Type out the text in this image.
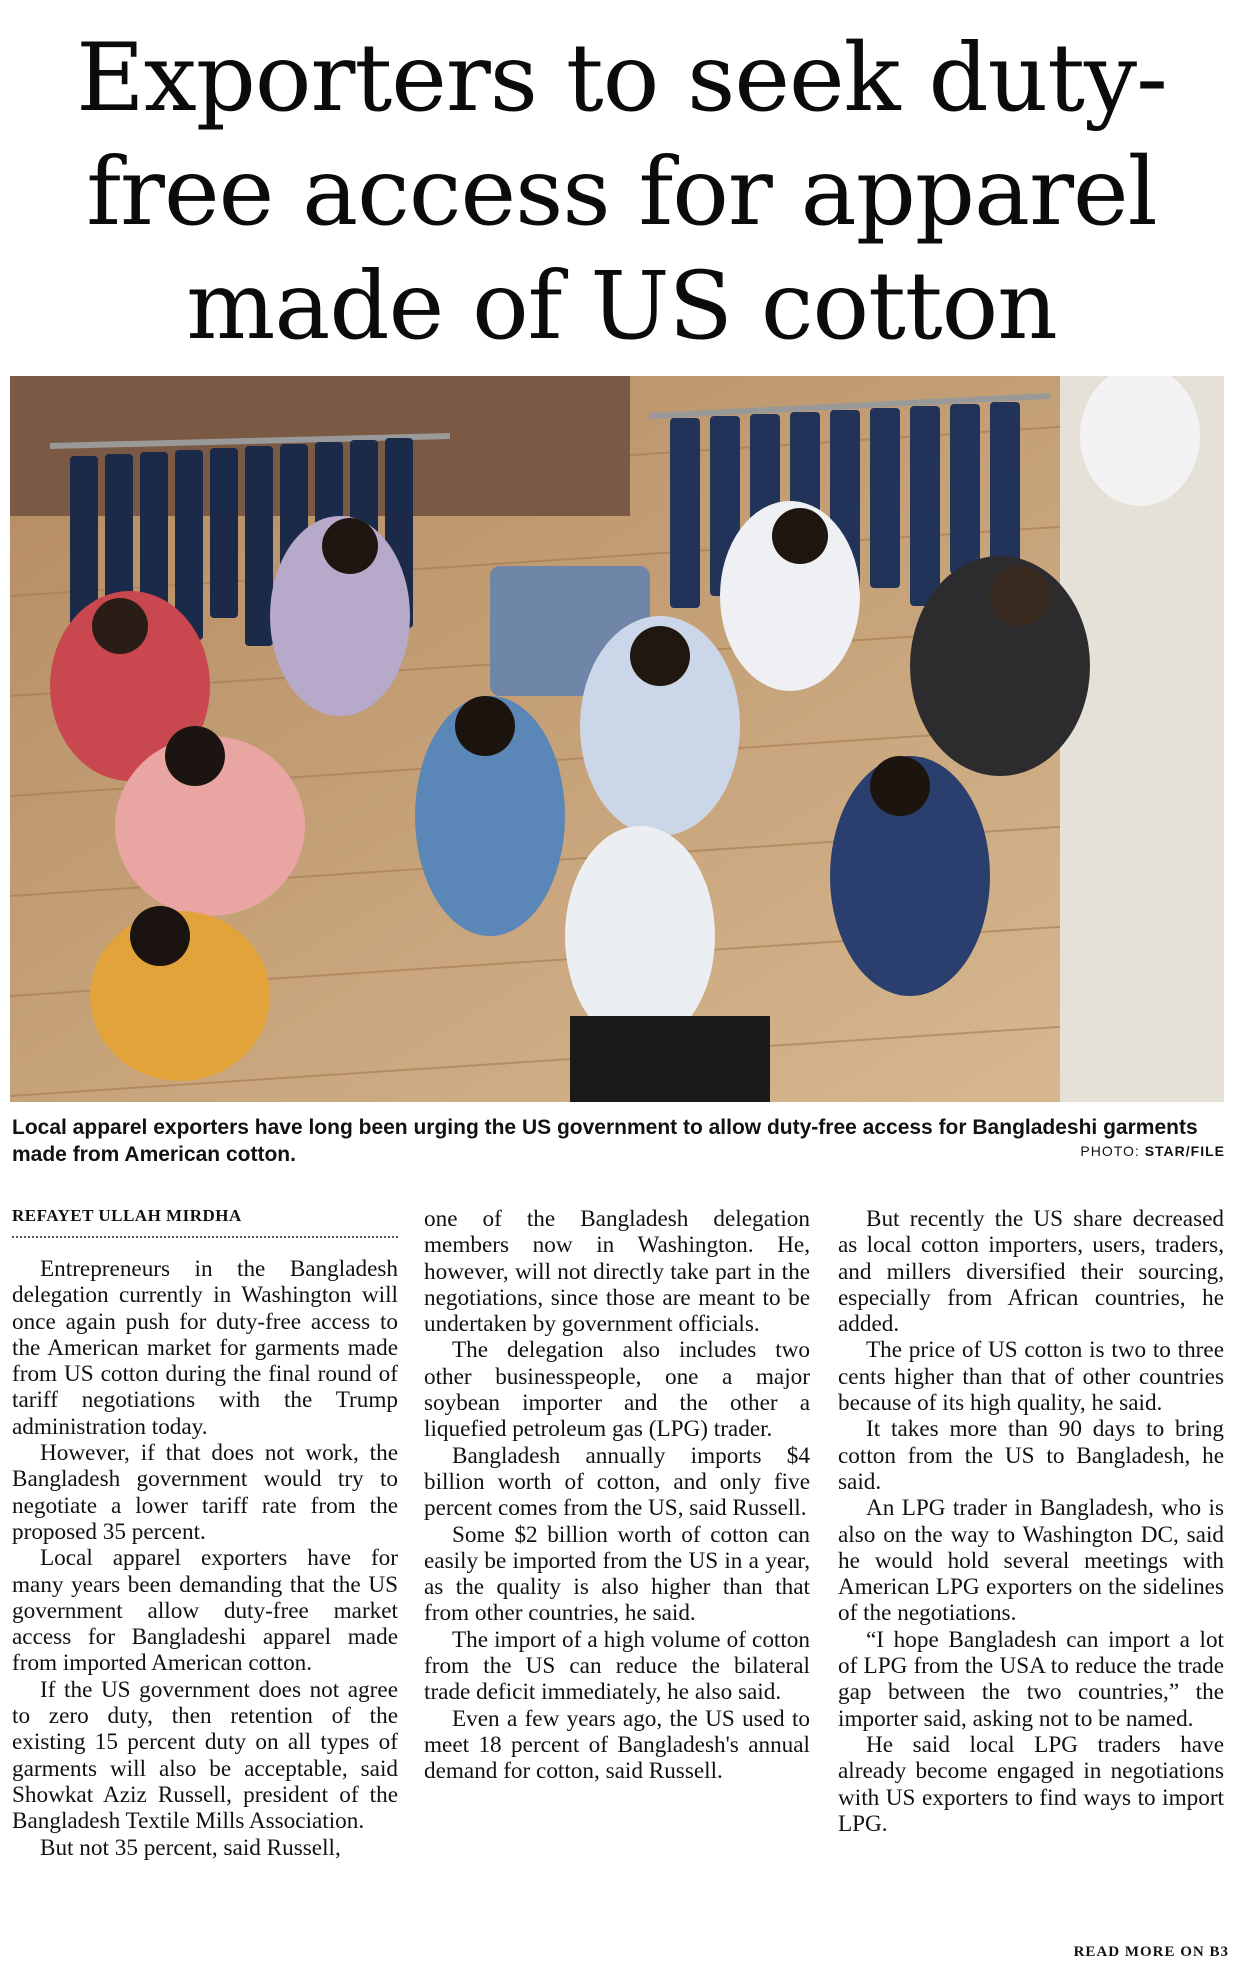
Exporters to seek duty-
free access for apparel
made of US cotton
Local apparel exporters have long been urging the US government to allow duty-free access for Bangladeshi garments made from American cotton.	PHOTO: STAR/FILE
REFAYET ULLAH MIRDHA

Entrepreneurs in the Bangladesh delegation currently in Washington will once again push for duty-free access to the American market for garments made from US cotton during the final round of tariff negotiations with the Trump administration today.

However, if that does not work, the Bangladesh government would try to negotiate a lower tariff rate from the proposed 35 percent.

Local apparel exporters have for many years been demanding that the US government allow duty-free market access for Bangladeshi apparel made from imported American cotton.

If the US government does not agree to zero duty, then retention of the existing 15 percent duty on all types of garments will also be acceptable, said Showkat Aziz Russell, president of the Bangladesh Textile Mills Association.

But not 35 percent, said Russell,

one of the Bangladesh delegation members now in Washington. He, however, will not directly take part in the negotiations, since those are meant to be undertaken by government officials.

The delegation also includes two other businesspeople, one a major soybean importer and the other a liquefied petroleum gas (LPG) trader.

Bangladesh annually imports $4 billion worth of cotton, and only five percent comes from the US, said Russell.

Some $2 billion worth of cotton can easily be imported from the US in a year, as the quality is also higher than that from other countries, he said.

The import of a high volume of cotton from the US can reduce the bilateral trade deficit immediately, he also said.

Even a few years ago, the US used to meet 18 percent of Bangladesh's annual demand for cotton, said Russell.

But recently the US share decreased as local cotton importers, users, traders, and millers diversified their sourcing, especially from African countries, he added.

The price of US cotton is two to three cents higher than that of other countries because of its high quality, he said.

It takes more than 90 days to bring cotton from the US to Bangladesh, he said.

An LPG trader in Bangladesh, who is also on the way to Washington DC, said he would hold several meetings with American LPG exporters on the sidelines of the negotiations.

“I hope Bangladesh can import a lot of LPG from the USA to reduce the trade gap between the two countries,” the importer said, asking not to be named.

He said local LPG traders have already become engaged in negotiations with US exporters to find ways to import LPG.

READ MORE ON B3
